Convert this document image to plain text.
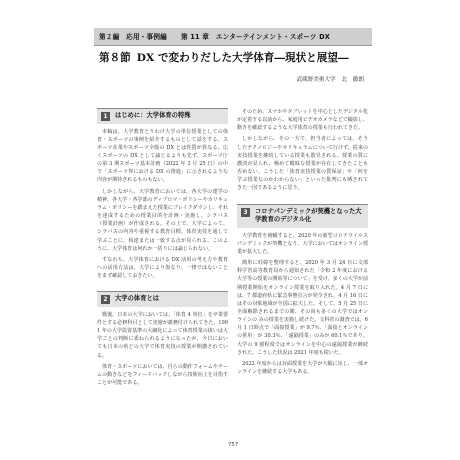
第２編　応用・事例編 第 11 章　エンターテインメント・スポーツ DX
第８節 DX で変わりだした大学体育―現状と展望―
武蔵野美術大学 北　徹朗
1	はじめに：大学体育の特殊

本稿は、大学教育とりわけ大学の単位授業としての体育・スポーツの事例を紹介するものとして話をする。スポーツ産業やスポーツ全般の DX とは性質が異なる。広くスポーツの DX として論じるよりも先ず、スポーツ庁の第 3 期スポーツ基本計画（2022 年 3 月 25 日）の中で「スポーツ界における DX の推進」に示されるような内容が期待されるものもない。

しかしながら、大学教育においては、各大学の建学の精神、各大学・各学部のディプロマ・ポリシーやカリキュラム・ポリシーを踏まえた授業にブレイクダウンし、それを達成するための授業目的を計画・実施し、シラバス（授業計画）が作成される。その上で、大学によって、シラバスの内容や重視する教育目標、体育実技を通して学ぶことに、相違または一致する点が見られる。このように、大学体育は何れか一括りには論じられない。

すなわち、大学体育における DX 活用の考え方や教育への活用方法は、大学により異なり、一律ではないことをまず確認しておきたい。

2	大学の体育とは

戦後、日本の大学においては、「体育 4 単位」を卒業要件とする必修科目として実施が義務付けられてきた。1991 年の大学設置基準の大綱化によって体育授業の扱いは大学ごとの判断に委ねられるようになったが、今日においても日本の殆どの大学で体育実技の授業が開講されている。

体育・スポーツにおいては、自らの動作フォームやチームの動きなどをフィードバックしながら技術向上を目指すことが可能である。

そのため、スマホやタブレットを中心としたデジタル化が定着する以前から、家庭用ビデオカメラなどで撮影し、動きを確認するような大学体育の授業も行われてきた。

しかしながら、その一方で、担当者によっては、そうしたテクノロジーやカリキュラムについて行けず、従来の実技授業を継続している授業も散見される。授業の質に濃淡が見られ、極めて曖昧な授業が存在してきたことも否めない。こうした「体育実技授業の質保証」や「何を学ぶ授業なのかわからない」といった批判にも晒されてきた一因であるように思う。

3	コロナパンデミックが契機となった大学教育のデジタル化

大学教育を俯瞰すると、2020 年の新型コロナウイルスパンデミックが契機となり、大学においてはオンライン授業が拡大した。

簡単に経緯を整理すると、2020 年 3 月 24 日に文部科学省高等教育局から通知された「令和 2 年度における大学等の授業の開始等について」を受け、多くの大学が前期授業開始をオンライン授業を取り入れた。4 月 7 日には、7 都道府県に緊急事態宣言が発令され、4 月 16 日にはその対象地域が全国に拡大した。そして、5 月 25 日に全面解除されるまでの間、その尚も多くの大学ではオンラインの みの授業を実施し続けた。文科省の調査では、6 月 1 日時点で「面接授業」が 9.7％、「面接とオンラインの併用」が 30.3％、「遠隔授業」のみが 60.1％であり、大学の 9 割程度ではオンラインを中心の遠隔授業が継続された。こうした状況は 2021 年度も続いた。

2022 年度からは対面授業を大学が大幅に戻し、一部オンラインを継続する大学もある。

757
